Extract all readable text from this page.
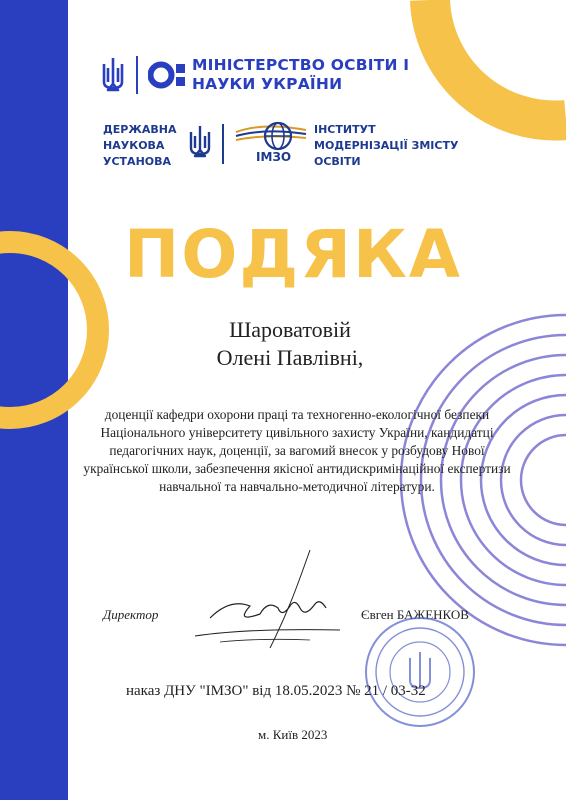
МІНІСТЕРСТВО ОСВІТИ І
НАУКИ УКРАЇНИ
ДЕРЖАВНА
НАУКОВА
УСТАНОВА	ІМЗО
ІНСТИТУТ
МОДЕРНІЗАЦІЇ ЗМІСТУ
ОСВІТИ
ПОДЯКА
Шароватовій
Олені Павлівні,
доценції кафедри охорони праці та техногенно-екологічної безпеки Національного університету цивільного захисту України, кандидатці педагогічних наук, доценції, за вагомий внесок у розбудову Нової української школи, забезпечення якісної антидискримінаційної експертизи навчальної та навчально-методичної літератури.
Директор	Євген БАЖЕНКОВ
наказ ДНУ "ІМЗО" від 18.05.2023 № 21 / 03-32
м. Київ 2023
